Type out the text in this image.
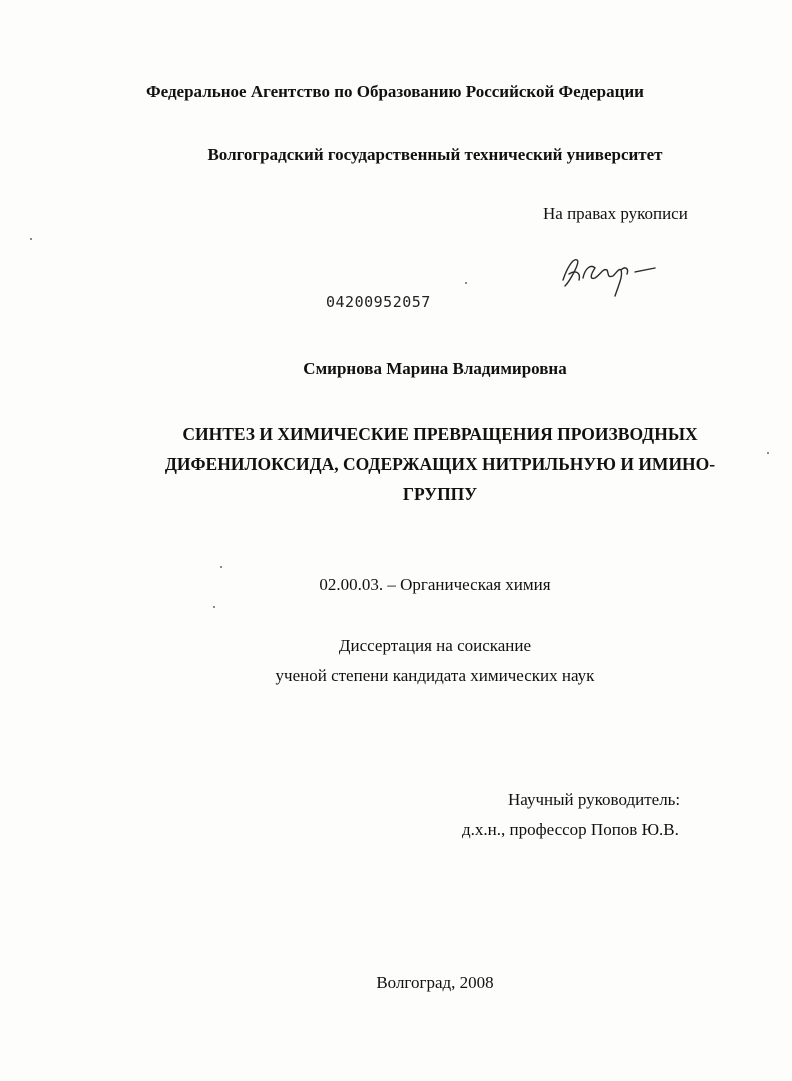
Федеральное Агентство по Образованию Российской Федерации
Волгоградский государственный технический университет
На правах рукописи
04200952057
Смирнова Марина Владимировна
СИНТЕЗ И ХИМИЧЕСКИЕ ПРЕВРАЩЕНИЯ ПРОИЗВОДНЫХ ДИФЕНИЛОКСИДА, СОДЕРЖАЩИХ НИТРИЛЬНУЮ И ИМИНО-ГРУППУ
02.00.03. – Органическая химия
Диссертация на соискание
ученой степени кандидата химических наук
Научный руководитель:
д.х.н., профессор Попов Ю.В.
Волгоград, 2008
